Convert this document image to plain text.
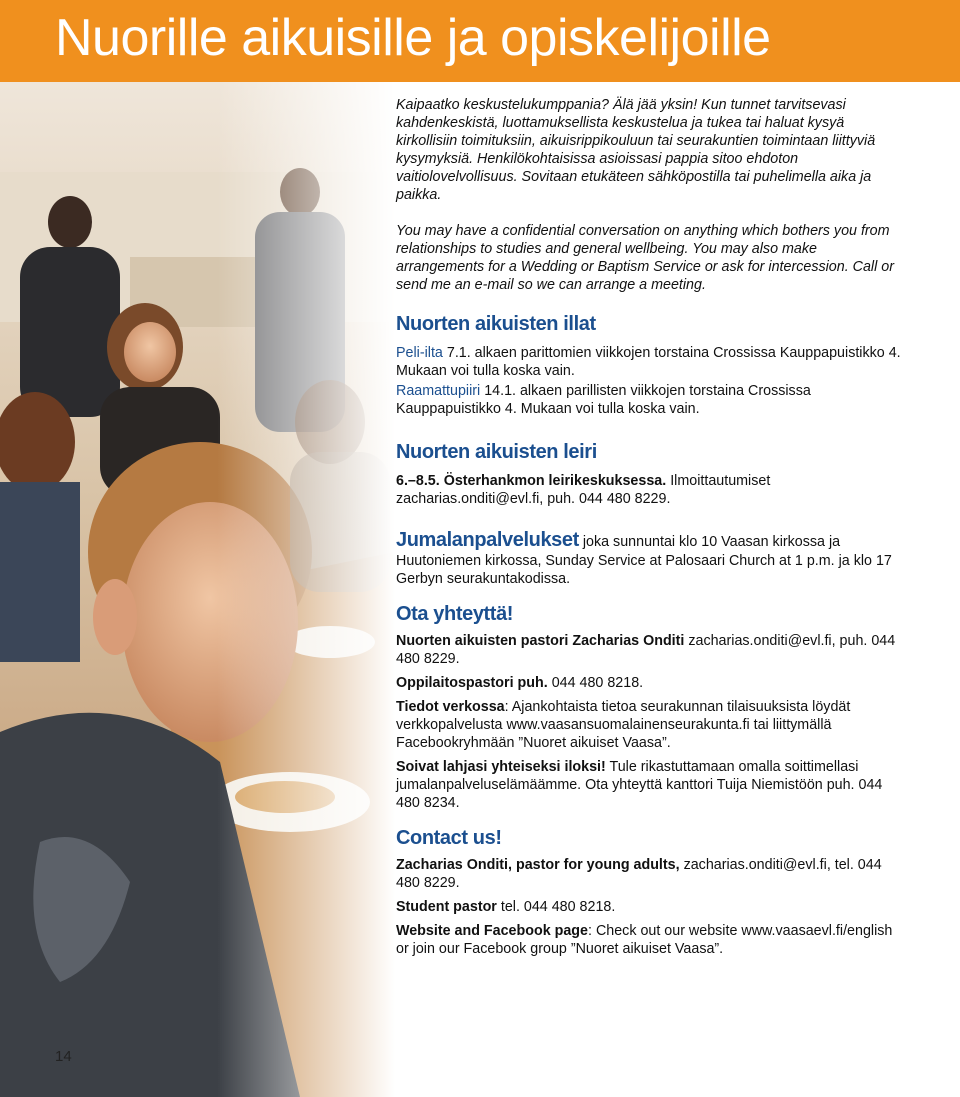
Nuorille aikuisille ja opiskelijoille
14

Kaipaatko keskustelukumppania? Älä jää yksin! Kun tunnet tarvitsevasi kahdenkeskistä, luottamuksellista keskustelua ja tukea tai haluat kysyä kirkollisiin toimituksiin, aikuisrippikouluun tai seurakuntien toimintaan liittyviä kysymyksiä. Henkilökohtaisissa asioissasi pappia sitoo ehdoton vaitiolovelvollisuus. Sovitaan etukäteen sähköpostilla tai puhelimella aika ja paikka.

You may have a confidential conversation on anything which bothers you from relationships to studies and general wellbeing. You may also make arrangements for a Wedding or Baptism Service or ask for intercession. Call or send me an e-mail so we can arrange a meeting.

Nuorten aikuisten illat

Peli-ilta 7.1. alkaen parittomien viikkojen torstaina Crossissa Kauppapuistikko 4. Mukaan voi tulla koska vain.

Raamattupiiri 14.1. alkaen parillisten viikkojen torstaina Crossissa Kauppapuistikko 4. Mukaan voi tulla koska vain.

Nuorten aikuisten leiri

6.–8.5. Österhankmon leirikeskuksessa. Ilmoittautumiset zacharias.onditi@evl.fi, puh. 044 480 8229.

Jumalanpalvelukset joka sunnuntai klo 10 Vaasan kirkossa ja Huutoniemen kirkossa, Sunday Service at Palosaari Church at 1 p.m. ja klo 17 Gerbyn seurakuntakodissa.

Ota yhteyttä!

Nuorten aikuisten pastori Zacharias Onditi zacharias.onditi@evl.fi, puh. 044 480 8229.

Oppilaitospastori puh. 044 480 8218.

Tiedot verkossa: Ajankohtaista tietoa seurakunnan tilaisuuksista löydät verkkopalvelusta www.vaasansuomalainenseurakunta.fi tai liittymällä Facebookryhmään ”Nuoret aikuiset Vaasa”.

Soivat lahjasi yhteiseksi iloksi! Tule rikastuttamaan omalla soittimellasi jumalanpalveluselämäämme. Ota yhteyttä kanttori Tuija Niemistöön puh. 044 480 8234.

Contact us!

Zacharias Onditi, pastor for young adults, zacharias.onditi@evl.fi, tel. 044 480 8229.

Student pastor tel. 044 480 8218.

Website and Facebook page: Check out our website www.vaasaevl.fi/english or join our Facebook group ”Nuoret aikuiset Vaasa”.
